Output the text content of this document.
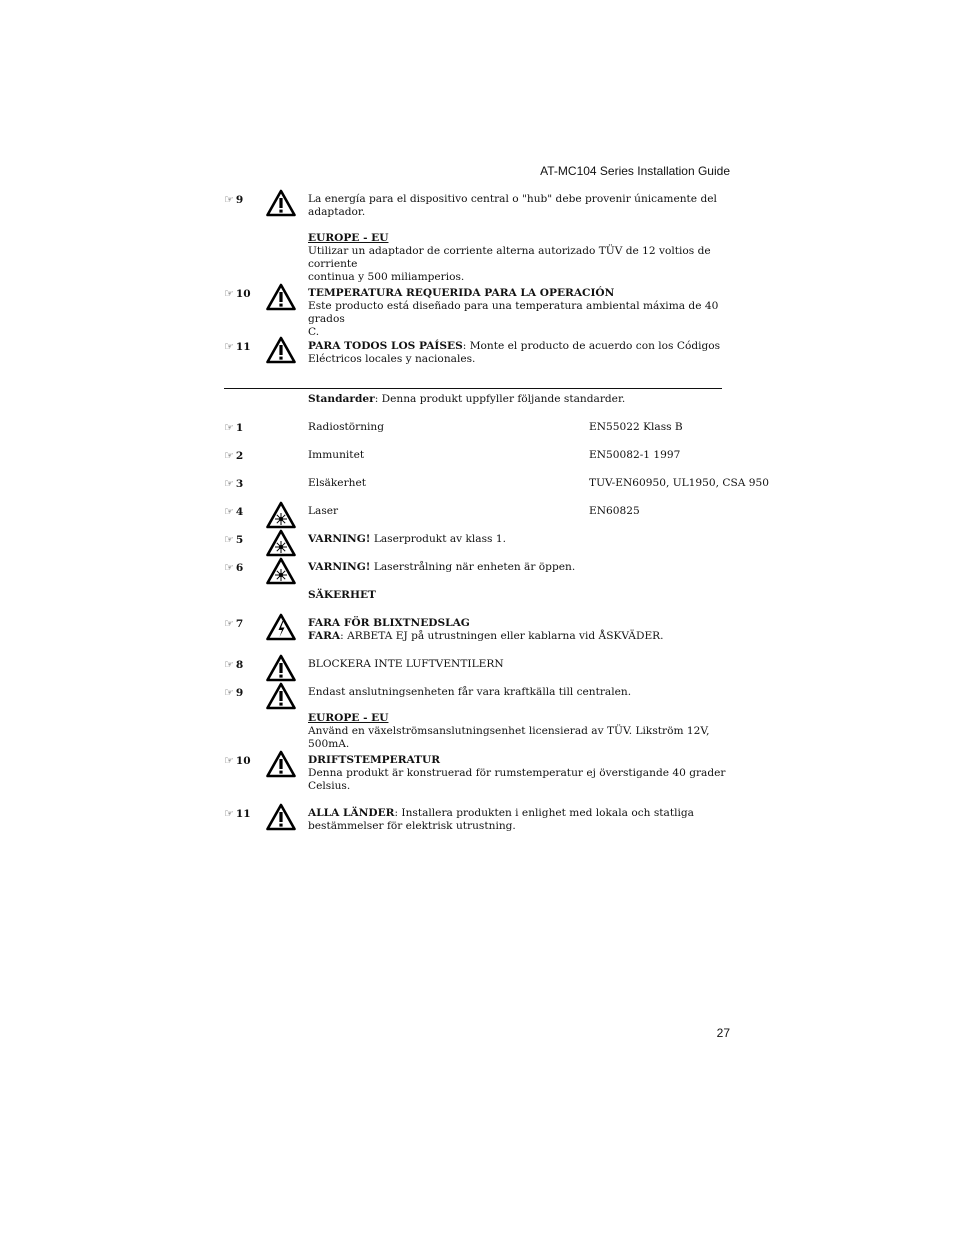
AT-MC104 Series Installation Guide
☞ 9	La energía para el dispositivo central o "hub" debe provenir únicamente del
adaptador.

EUROPE - EU
Utilizar un adaptador de corriente alterna autorizado TÜV de 12 voltios de corriente
continua y 500 miliamperios.
☞ 10	TEMPERATURA REQUERIDA PARA LA OPERACIÓN
Este producto está diseñado para una temperatura ambiental máxima de 40 grados
C.
☞ 11	PARA TODOS LOS PAÍSES: Monte el producto de acuerdo con los Códigos
Eléctricos locales y nacionales.
Standarder: Denna produkt uppfyller följande standarder.
☞ 1	Radiostörning	EN55022 Klass B
☞ 2	Immunitet	EN50082-1 1997
☞ 3	Elsäkerhet	TUV-EN60950, UL1950, CSA 950
☞ 4	Laser	EN60825
☞ 5	VARNING! Laserprodukt av klass 1.
☞ 6	VARNING! Laserstrålning när enheten är öppen.
SÄKERHET
☞ 7	FARA FÖR BLIXTNEDSLAG
FARA: ARBETA EJ på utrustningen eller kablarna vid ÅSKVÄDER.
☞ 8	BLOCKERA INTE LUFTVENTILERN
☞ 9	Endast anslutningsenheten får vara kraftkälla till centralen.

EUROPE - EU
Använd en växelströmsanslutningsenhet licensierad av TÜV. Likström 12V, 500mA.
☞ 10	DRIFTSTEMPERATUR
Denna produkt är konstruerad för rumstemperatur ej överstigande 40 grader
Celsius.
☞ 11	ALLA LÄNDER: Installera produkten i enlighet med lokala och statliga
bestämmelser för elektrisk utrustning.
27
